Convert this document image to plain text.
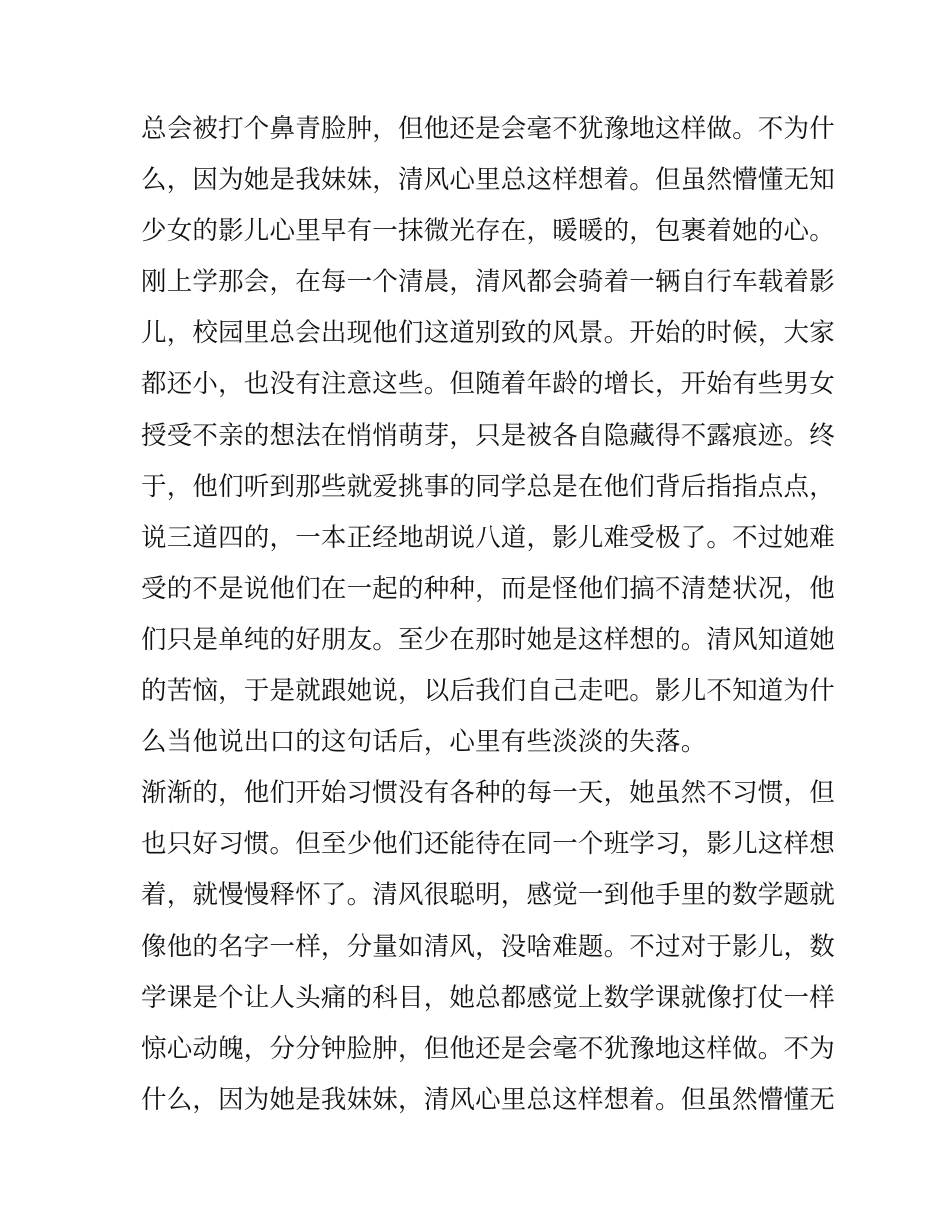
总会被打个鼻青脸肿，但他还是会毫不犹豫地这样做。不为什
么，因为她是我妹妹，清风心里总这样想着。但虽然懵懂无知
少女的影儿心里早有一抹微光存在，暖暖的，包裹着她的心。
刚上学那会，在每一个清晨，清风都会骑着一辆自行车载着影
儿，校园里总会出现他们这道别致的风景。开始的时候，大家
都还小，也没有注意这些。但随着年龄的增长，开始有些男女
授受不亲的想法在悄悄萌芽，只是被各自隐藏得不露痕迹。终
于，他们听到那些就爱挑事的同学总是在他们背后指指点点，
说三道四的，一本正经地胡说八道，影儿难受极了。不过她难
受的不是说他们在一起的种种，而是怪他们搞不清楚状况，他
们只是单纯的好朋友。至少在那时她是这样想的。清风知道她
的苦恼，于是就跟她说，以后我们自己走吧。影儿不知道为什
么当他说出口的这句话后，心里有些淡淡的失落。
渐渐的，他们开始习惯没有各种的每一天，她虽然不习惯，但
也只好习惯。但至少他们还能待在同一个班学习，影儿这样想
着，就慢慢释怀了。清风很聪明，感觉一到他手里的数学题就
像他的名字一样，分量如清风，没啥难题。不过对于影儿，数
学课是个让人头痛的科目，她总都感觉上数学课就像打仗一样
惊心动魄，分分钟脸肿，但他还是会毫不犹豫地这样做。不为
什么，因为她是我妹妹，清风心里总这样想着。但虽然懵懂无
